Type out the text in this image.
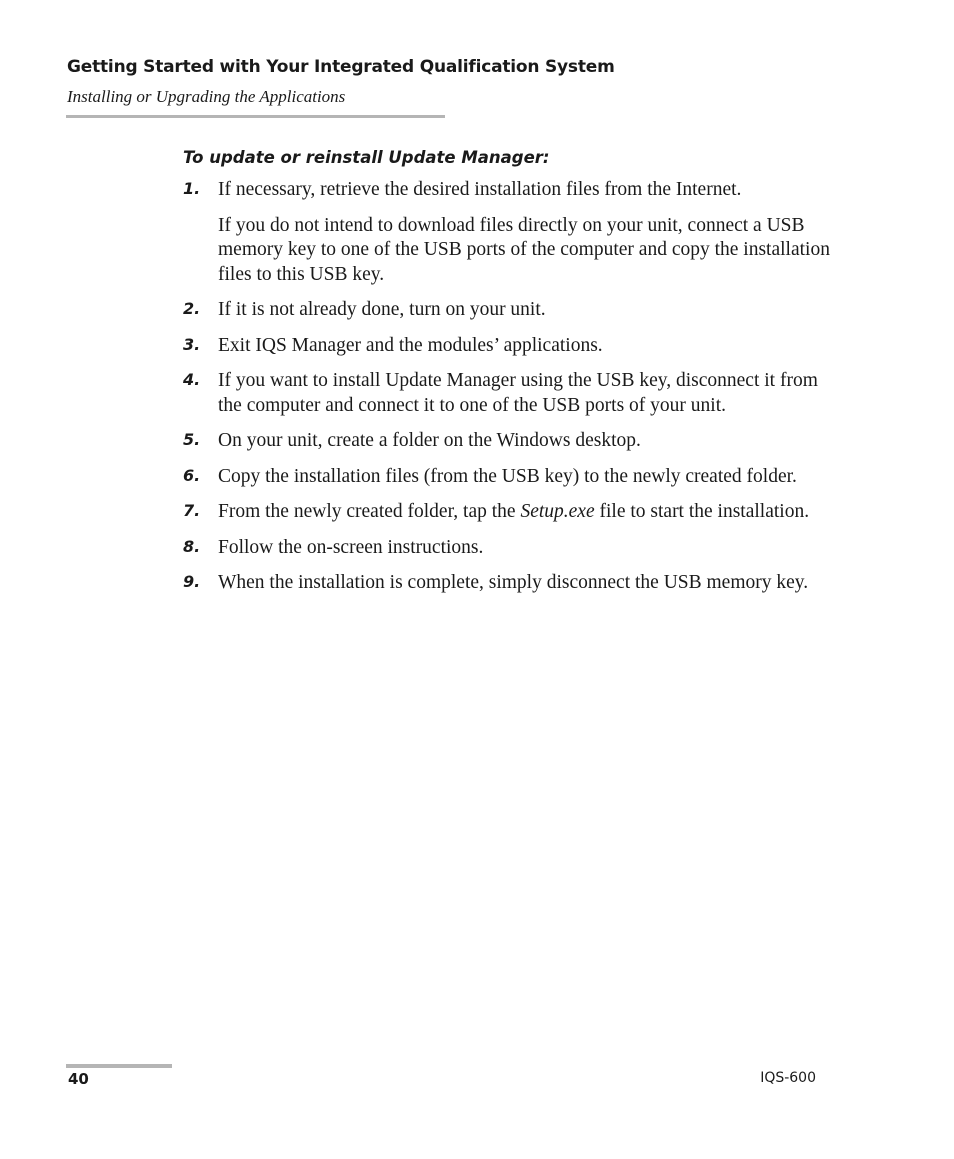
Getting Started with Your Integrated Qualification System
Installing or Upgrading the Applications
To update or reinstall Update Manager:
1. If necessary, retrieve the desired installation files from the Internet.

If you do not intend to download files directly on your unit, connect a USB memory key to one of the USB ports of the computer and copy the installation files to this USB key.

2. If it is not already done, turn on your unit.

3. Exit IQS Manager and the modules’ applications.

4. If you want to install Update Manager using the USB key, disconnect it from the computer and connect it to one of the USB ports of your unit.

5. On your unit, create a folder on the Windows desktop.

6. Copy the installation files (from the USB key) to the newly created folder.

7. From the newly created folder, tap the Setup.exe file to start the installation.

8. Follow the on-screen instructions.

9. When the installation is complete, simply disconnect the USB memory key.

40	IQS-600
